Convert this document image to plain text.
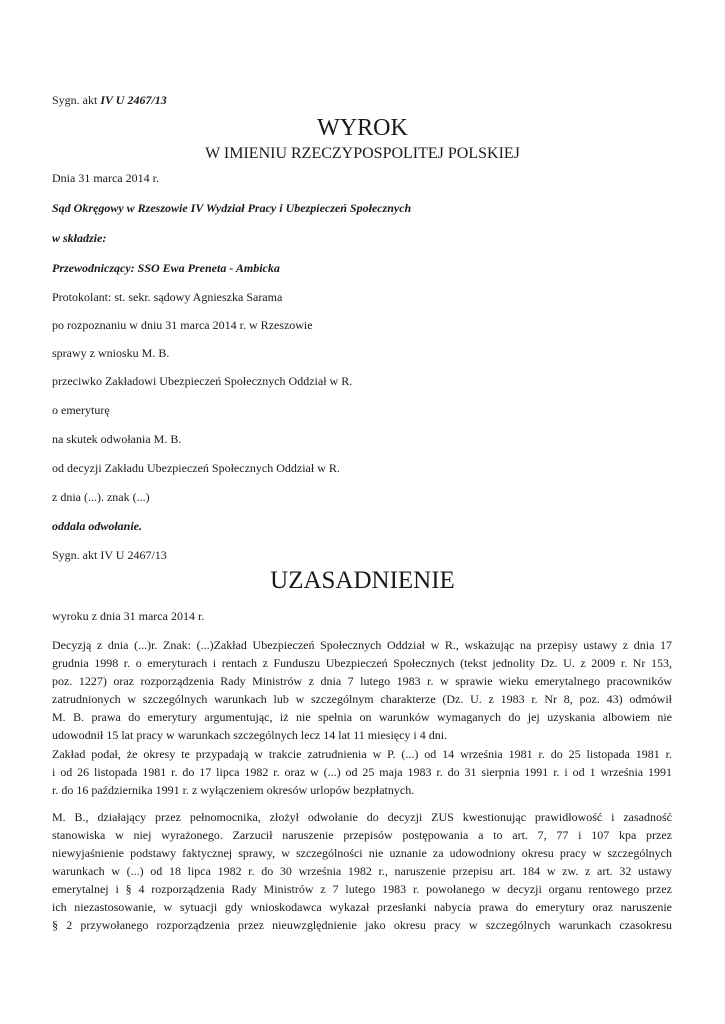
Sygn. akt IV U 2467/13
WYROK
W IMIENIU RZECZYPOSPOLITEJ POLSKIEJ
Dnia 31 marca 2014 r.
Sąd Okręgowy w Rzeszowie IV Wydział Pracy i Ubezpieczeń Społecznych
w składzie:
Przewodniczący: SSO Ewa Preneta - Ambicka
Protokolant: st. sekr. sądowy Agnieszka Sarama
po rozpoznaniu w dniu 31 marca 2014 r. w Rzeszowie
sprawy z wniosku M. B.
przeciwko Zakładowi Ubezpieczeń Społecznych Oddział w R.
o emeryturę
na skutek odwołania M. B.
od decyzji Zakładu Ubezpieczeń Społecznych Oddział w R.
z dnia (...). znak (...)
oddala odwołanie.
Sygn. akt IV U 2467/13
UZASADNIENIE
wyroku z dnia 31 marca 2014 r.
Decyzją z dnia (...)r. Znak: (...)Zakład Ubezpieczeń Społecznych Oddział w R., wskazując na przepisy ustawy z dnia 17
grudnia 1998 r. o emeryturach i rentach z Funduszu Ubezpieczeń Społecznych (tekst jednolity Dz. U. z 2009 r. Nr 153,
poz. 1227) oraz rozporządzenia Rady Ministrów z dnia 7 lutego 1983 r. w sprawie wieku emerytalnego pracowników
zatrudnionych w szczególnych warunkach lub w szczególnym charakterze (Dz. U. z 1983 r. Nr 8, poz. 43) odmówił
M. B. prawa do emerytury argumentując, iż nie spełnia on warunków wymaganych do jej uzyskania albowiem nie
udowodnił 15 lat pracy w warunkach szczególnych lecz 14 lat 11 miesięcy i 4 dni.
Zakład podał, że okresy te przypadają w trakcie zatrudnienia w P. (...) od 14 września 1981 r. do 25 listopada 1981 r.
i od 26 listopada 1981 r. do 17 lipca 1982 r. oraz w (...) od 25 maja 1983 r. do 31 sierpnia 1991 r. i od 1 września 1991
r. do 16 października 1991 r. z wyłączeniem okresów urlopów bezpłatnych.
M. B., działający przez pełnomocnika, złożył odwołanie do decyzji ZUS kwestionując prawidłowość i zasadność
stanowiska w niej wyrażonego. Zarzucił naruszenie przepisów postępowania a to art. 7, 77 i 107 kpa przez
niewyjaśnienie podstawy faktycznej sprawy, w szczególności nie uznanie za udowodniony okresu pracy w szczególnych
warunkach w (...) od 18 lipca 1982 r. do 30 września 1982 r., naruszenie przepisu art. 184 w zw. z art. 32 ustawy
emerytalnej i § 4 rozporządzenia Rady Ministrów z 7 lutego 1983 r. powołanego w decyzji organu rentowego przez
ich niezastosowanie, w sytuacji gdy wnioskodawca wykazał przesłanki nabycia prawa do emerytury oraz naruszenie
§ 2 przywołanego rozporządzenia przez nieuwzględnienie jako okresu pracy w szczególnych warunkach czasokresu
